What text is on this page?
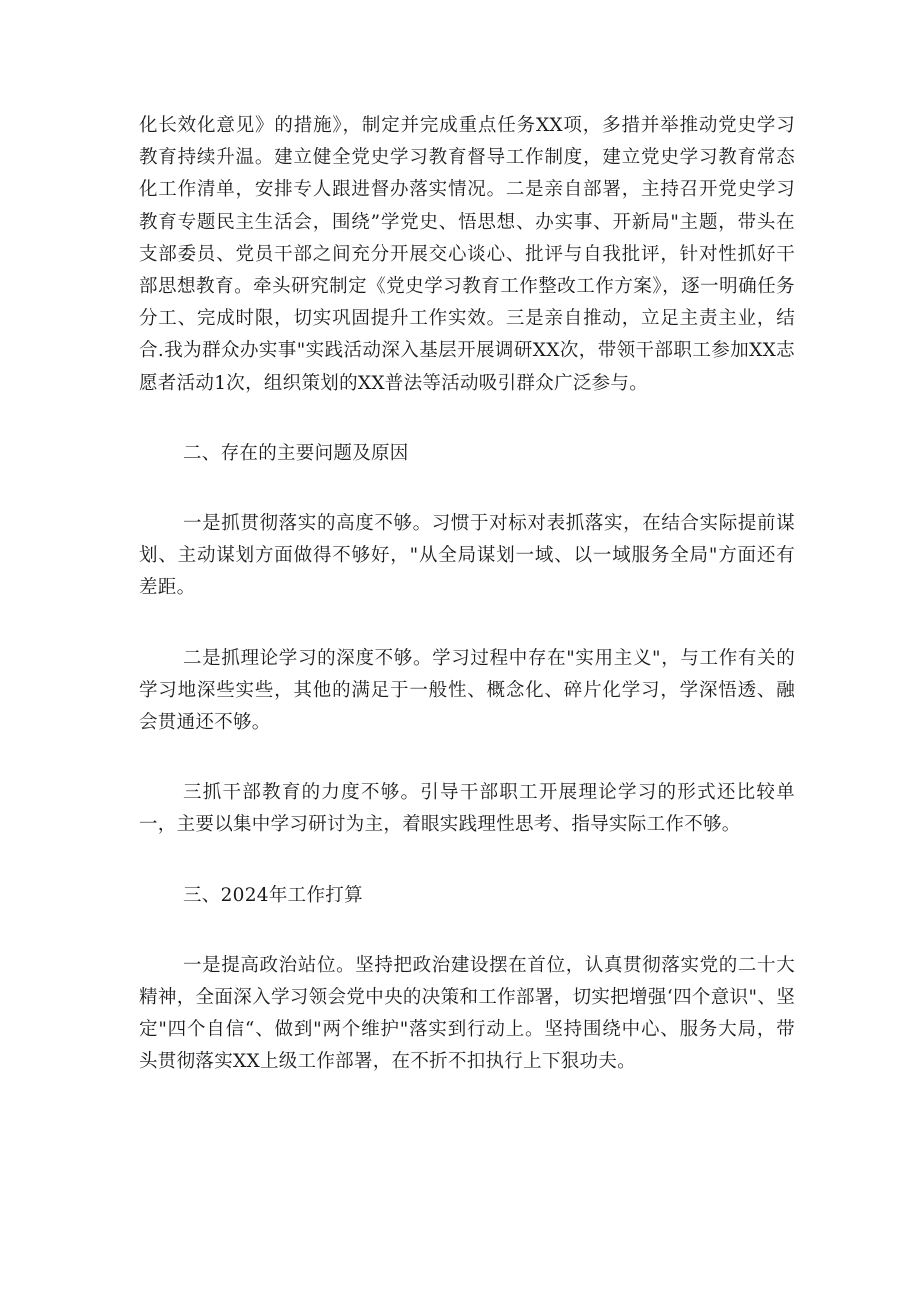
化长效化意见》的措施》，制定并完成重点任务XX项，多措并举推动党史学习教育持续升温。建立健全党史学习教育督导工作制度，建立党史学习教育常态化工作清单，安排专人跟进督办落实情况。二是亲自部署，主持召开党史学习教育专题民主生活会，围绕”学党史、悟思想、办实事、开新局"主题，带头在支部委员、党员干部之间充分开展交心谈心、批评与自我批评，针对性抓好干部思想教育。牵头研究制定《党史学习教育工作整改工作方案》，逐一明确任务分工、完成时限，切实巩固提升工作实效。三是亲自推动，立足主责主业，结合.我为群众办实事"实践活动深入基层开展调研XX次，带领干部职工参加XX志愿者活动1次，组织策划的XX普法等活动吸引群众广泛参与。

二、存在的主要问题及原因

一是抓贯彻落实的高度不够。习惯于对标对表抓落实，在结合实际提前谋划、主动谋划方面做得不够好，"从全局谋划一域、以一域服务全局"方面还有差距。

二是抓理论学习的深度不够。学习过程中存在"实用主义"，与工作有关的学习地深些实些，其他的满足于一般性、概念化、碎片化学习，学深悟透、融会贯通还不够。

三抓干部教育的力度不够。引导干部职工开展理论学习的形式还比较单一，主要以集中学习研讨为主，着眼实践理性思考、指导实际工作不够。

三、2024年工作打算

一是提高政治站位。坚持把政治建设摆在首位，认真贯彻落实党的二十大精神，全面深入学习领会党中央的决策和工作部署，切实把增强‘四个意识"、坚定"四个自信“、做到"两个维护"落实到行动上。坚持围绕中心、服务大局，带头贯彻落实XX上级工作部署，在不折不扣执行上下狠功夫。
